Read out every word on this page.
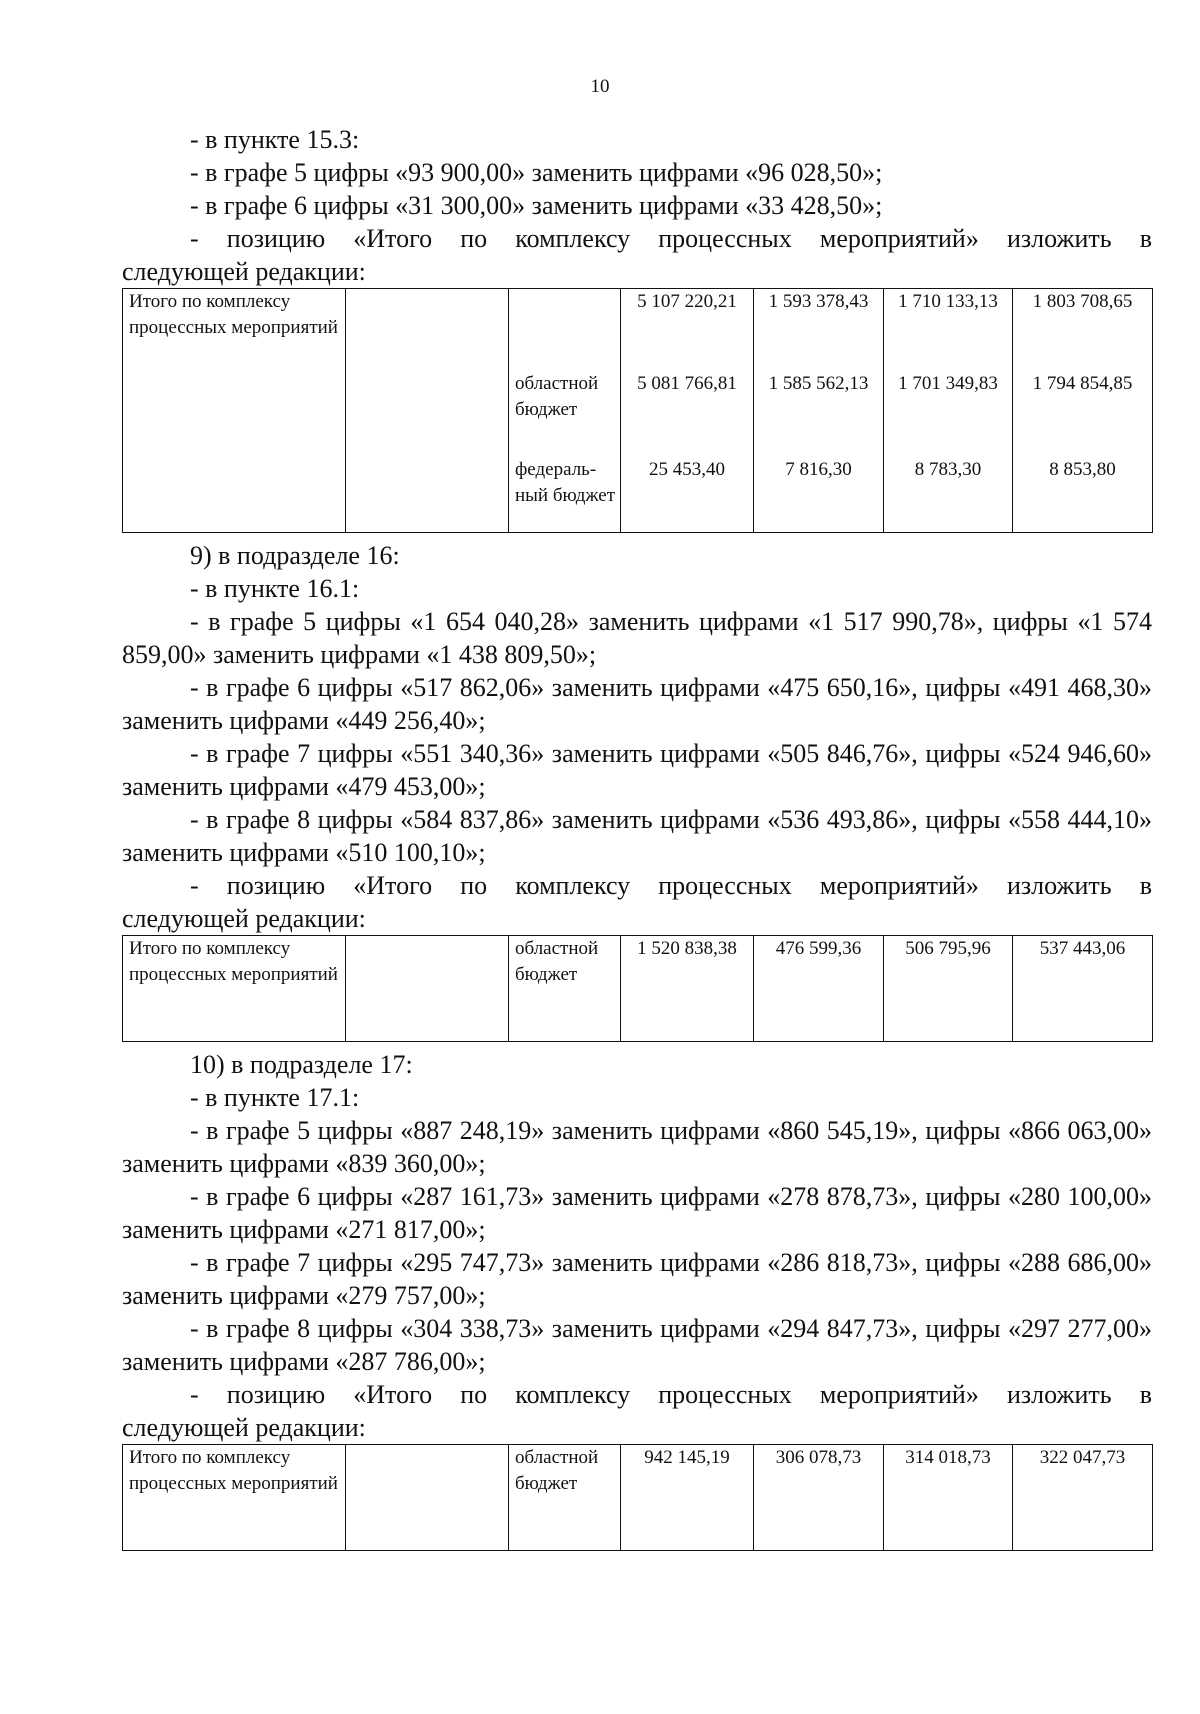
10

- в пункте 15.3:

- в графе 5 цифры «93 900,00» заменить цифрами «96 028,50»;

- в графе 6 цифры «31 300,00» заменить цифрами «33 428,50»;

- позицию «Итого по комплексу процессных мероприятий» изложить в

следующей редакции:

Итого по комплексу процессных мероприятий			5 107 220,21	1 593 378,43	1 710 133,13	1 803 708,65
		областной бюджет	5 081 766,81	1 585 562,13	1 701 349,83	1 794 854,85
		федераль-ный бюджет	25 453,40	7 816,30	8 783,30	8 853,80

9) в подразделе 16:

- в пункте 16.1:

- в графе 5 цифры «1 654 040,28» заменить цифрами «1 517 990,78», цифры «1 574 859,00» заменить цифрами «1 438 809,50»;

- в графе 6 цифры «517 862,06» заменить цифрами «475 650,16», цифры «491 468,30» заменить цифрами «449 256,40»;

- в графе 7 цифры «551 340,36» заменить цифрами «505 846,76», цифры «524 946,60» заменить цифрами «479 453,00»;

- в графе 8 цифры «584 837,86» заменить цифрами «536 493,86», цифры «558 444,10» заменить цифрами «510 100,10»;

- позицию «Итого по комплексу процессных мероприятий» изложить в

следующей редакции:

Итого по комплексу процессных мероприятий		областной бюджет	1 520 838,38	476 599,36	506 795,96	537 443,06

10) в подразделе 17:

- в пункте 17.1:

- в графе 5 цифры «887 248,19» заменить цифрами «860 545,19», цифры «866 063,00» заменить цифрами «839 360,00»;

- в графе 6 цифры «287 161,73» заменить цифрами «278 878,73», цифры «280 100,00» заменить цифрами «271 817,00»;

- в графе 7 цифры «295 747,73» заменить цифрами «286 818,73», цифры «288 686,00» заменить цифрами «279 757,00»;

- в графе 8 цифры «304 338,73» заменить цифрами «294 847,73», цифры «297 277,00» заменить цифрами «287 786,00»;

- позицию «Итого по комплексу процессных мероприятий» изложить в

следующей редакции:

Итого по комплексу процессных мероприятий		областной бюджет	942 145,19	306 078,73	314 018,73	322 047,73
